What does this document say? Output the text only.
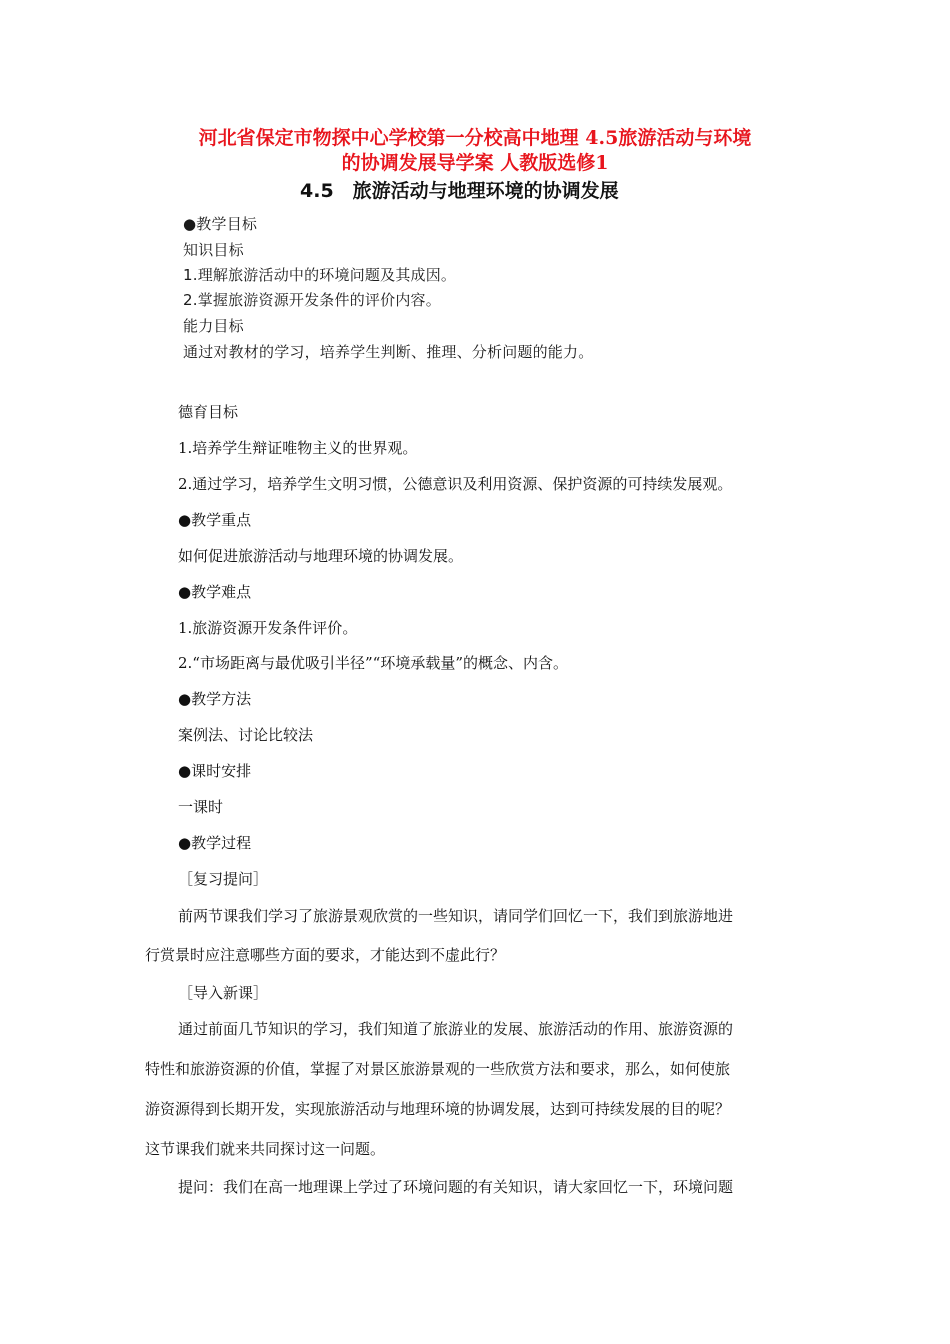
河北省保定市物探中心学校第一分校高中地理 4.5旅游活动与环境
的协调发展导学案 人教版选修1
4.5　旅游活动与地理环境的协调发展

●教学目标

知识目标

1.理解旅游活动中的环境问题及其成因。

2.掌握旅游资源开发条件的评价内容。

能力目标

通过对教材的学习，培养学生判断、推理、分析问题的能力。

德育目标

1.培养学生辩证唯物主义的世界观。

2.通过学习，培养学生文明习惯，公德意识及利用资源、保护资源的可持续发展观。

●教学重点

如何促进旅游活动与地理环境的协调发展。

●教学难点

1.旅游资源开发条件评价。

2.“市场距离与最优吸引半径”“环境承载量”的概念、内含。

●教学方法

案例法、讨论比较法

●课时安排

一课时

●教学过程

［复习提问］

前两节课我们学习了旅游景观欣赏的一些知识，请同学们回忆一下，我们到旅游地进

行赏景时应注意哪些方面的要求，才能达到不虚此行？

［导入新课］

通过前面几节知识的学习，我们知道了旅游业的发展、旅游活动的作用、旅游资源的

特性和旅游资源的价值，掌握了对景区旅游景观的一些欣赏方法和要求，那么，如何使旅

游资源得到长期开发，实现旅游活动与地理环境的协调发展，达到可持续发展的目的呢？

这节课我们就来共同探讨这一问题。

提问：我们在高一地理课上学过了环境问题的有关知识，请大家回忆一下，环境问题
